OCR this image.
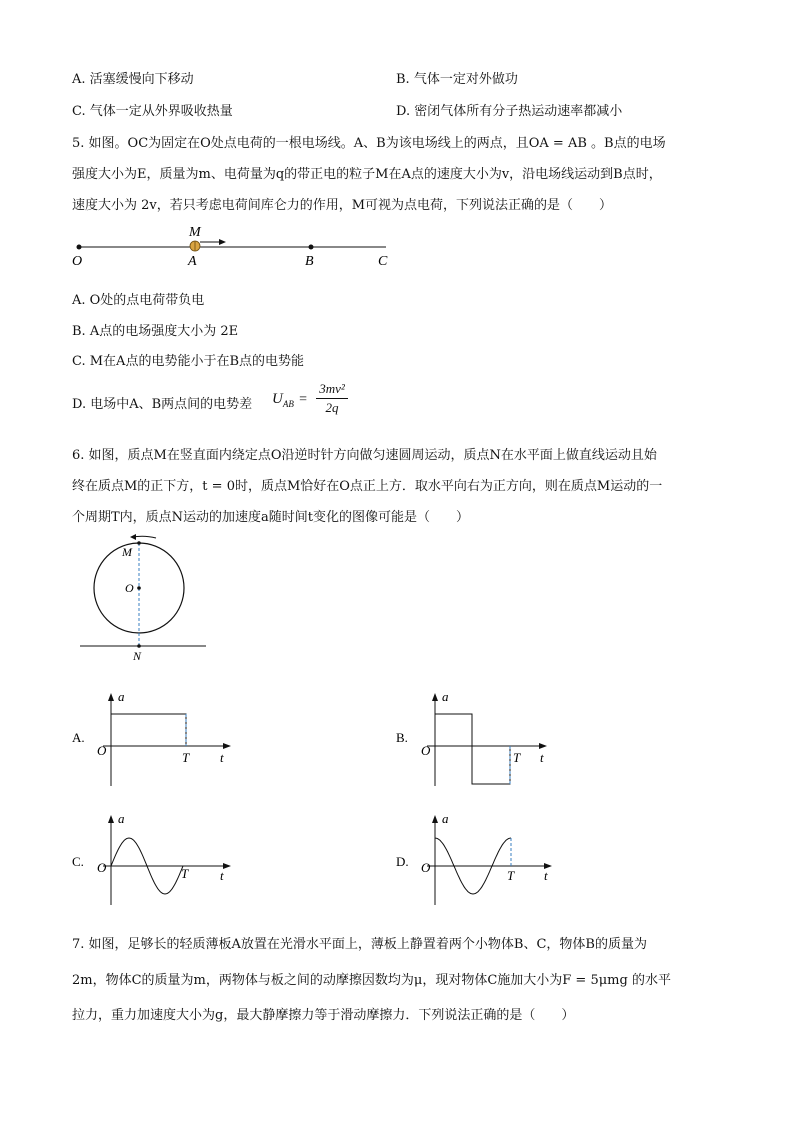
A. 活塞缓慢向下移动	B. 气体一定对外做功
C. 气体一定从外界吸收热量	D. 密闭气体所有分子热运动速率都减小
5. 如图。OC为固定在O处点电荷的一根电场线。A、B为该电场线上的两点，且OA = AB 。B点的电场
强度大小为E，质量为m、电荷量为q的带正电的粒子M在A点的速度大小为v，沿电场线运动到B点时，
速度大小为 2v，若只考虑电荷间库仑力的作用，M可视为点电荷，下列说法正确的是（　　）
O	A	B	C
M
A. O处的点电荷带负电
B. A点的电场强度大小为 2E
C. M在A点的电势能小于在B点的电势能
D. 电场中A、B两点间的电势差 $U_{AB}$ =
3mv²
2q
6. 如图，质点M在竖直面内绕定点O沿逆时针方向做匀速圆周运动，质点N在水平面上做直线运动且始
终在质点M的正下方，t = 0时，质点M恰好在O点正上方．取水平向右为正方向，则在质点M运动的一
个周期T内，质点N运动的加速度a随时间t变化的图像可能是（　　）
M
O
N
A.
a
O	T t
B.
a
O	T t
C.
a
O	T t
D.
a
O
T t
7. 如图，足够长的轻质薄板A放置在光滑水平面上，薄板上静置着两个小物体B、C，物体B的质量为
2m，物体C的质量为m，两物体与板之间的动摩擦因数均为μ，现对物体C施加大小为F = 5μmg 的水平
拉力，重力加速度大小为g，最大静摩擦力等于滑动摩擦力．下列说法正确的是（　　）
